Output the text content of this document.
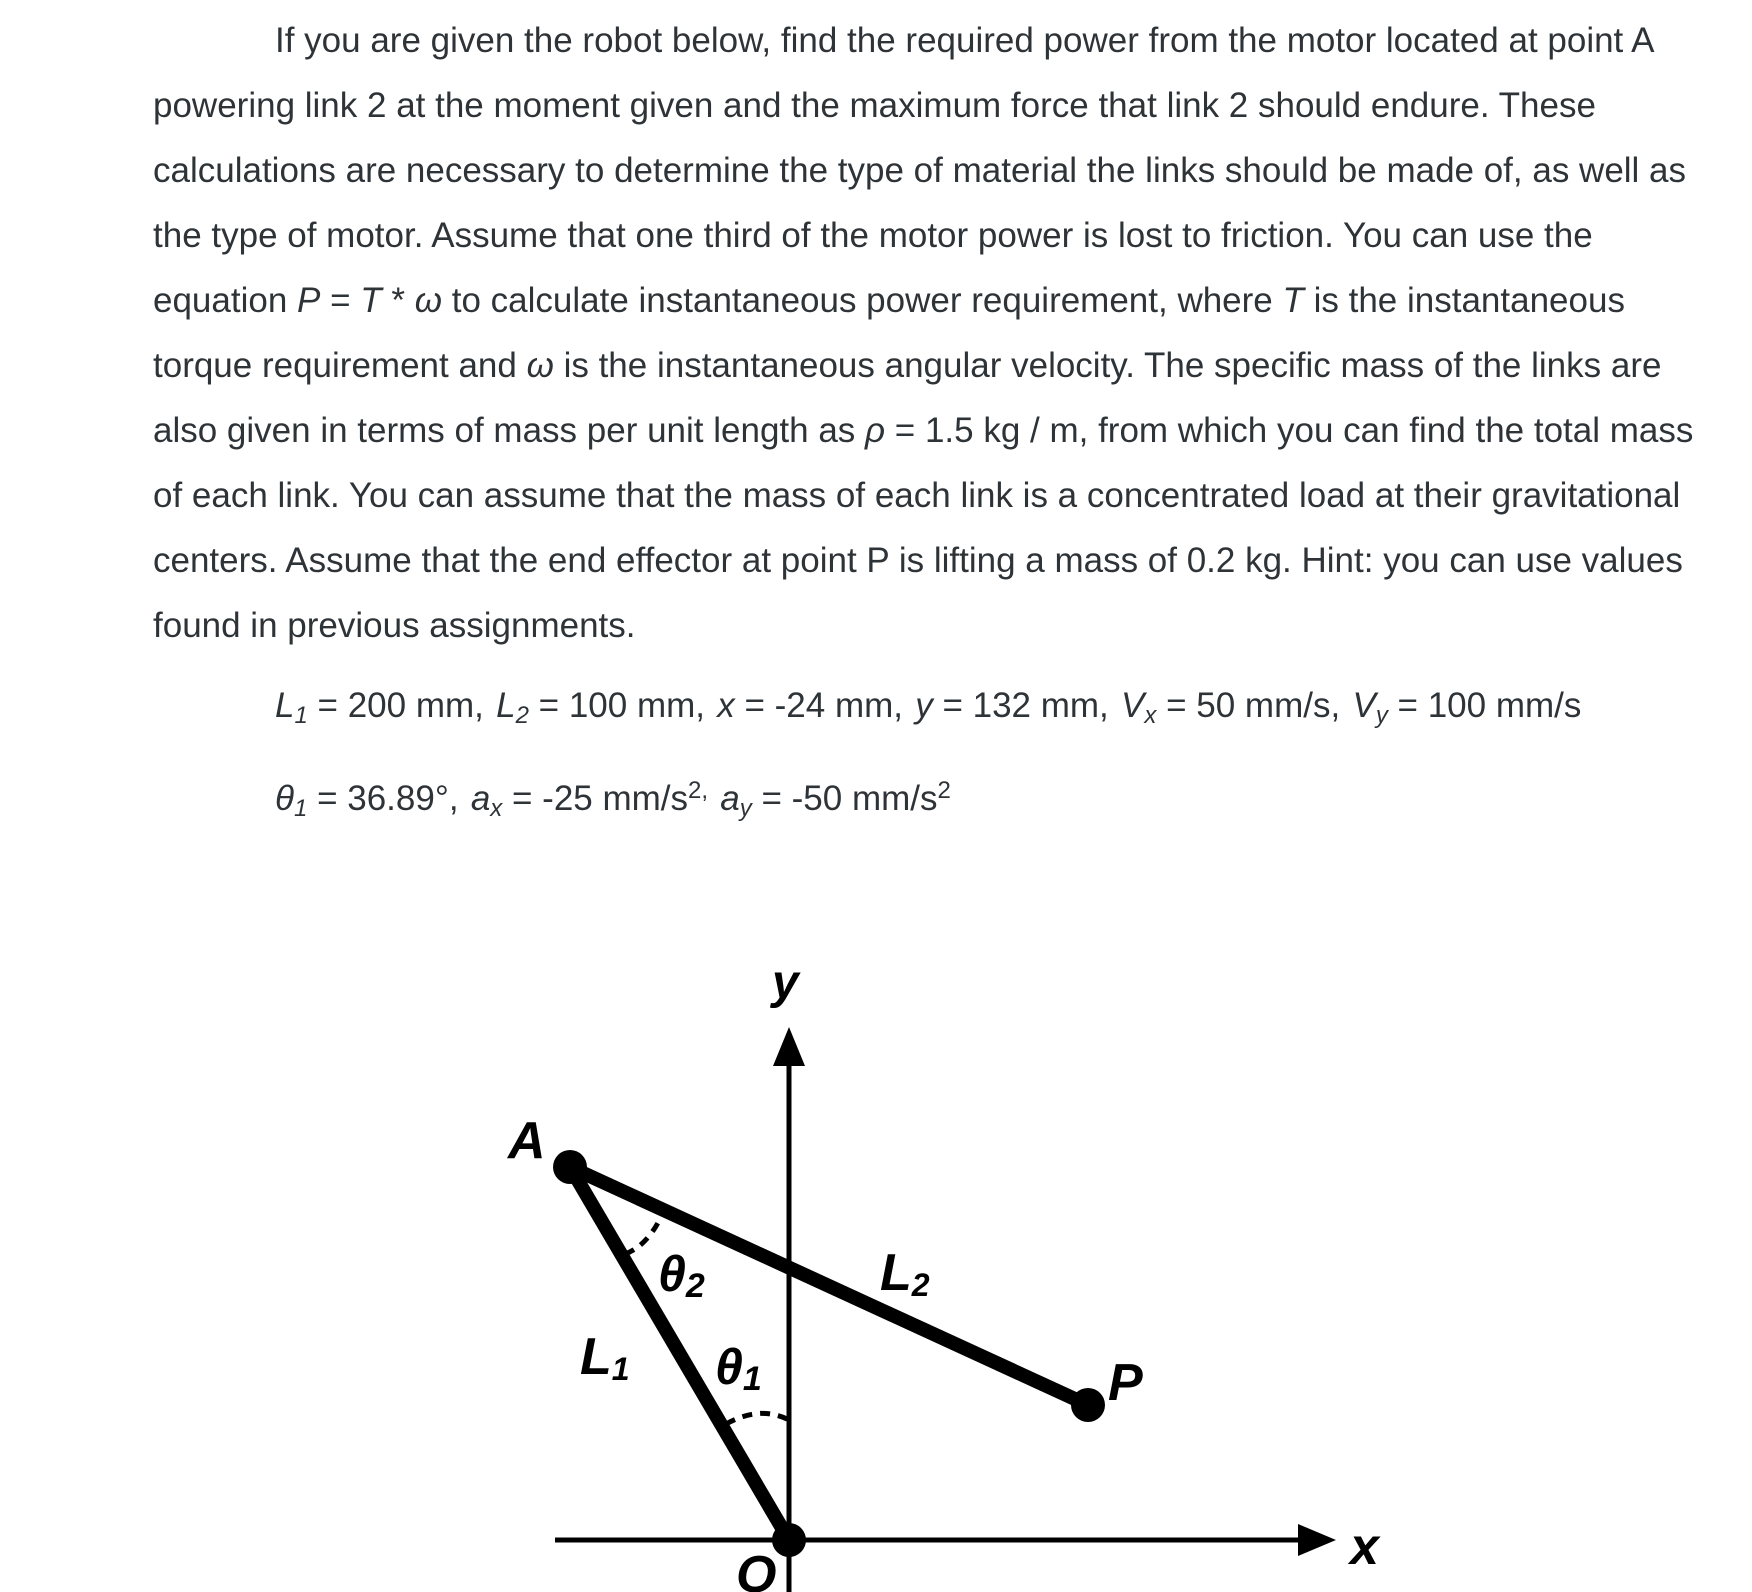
If you are given the robot below, find the required power from the motor located at point A powering link 2 at the moment given and the maximum force that link 2 should endure. These calculations are necessary to determine the type of material the links should be made of, as well as the type of motor. Assume that one third of the motor power is lost to friction. You can use the equation P = T * ω to calculate instantaneous power requirement, where T is the instantaneous torque requirement and ω is the instantaneous angular velocity. The specific mass of the links are also given in terms of mass per unit length as ρ = 1.5 kg / m, from which you can find the total mass of each link. You can assume that the mass of each link is a concentrated load at their gravitational centers. Assume that the end effector at point P is lifting a mass of 0.2 kg. Hint: you can use values found in previous assignments.

$L_1 = 200$ mm, $L_2 = 100$ mm, x = -24 mm, y = 132 mm, $V_x = 50$ mm/s, $V_y = 100$ mm/s
$\theta_1 = 36.89^\circ$, $a_x = -25$ $mm/s^{2,}$ $a_y = -50$ $mm/s^2$
y
x
A
P
O
L1
L2
θ2
θ1
